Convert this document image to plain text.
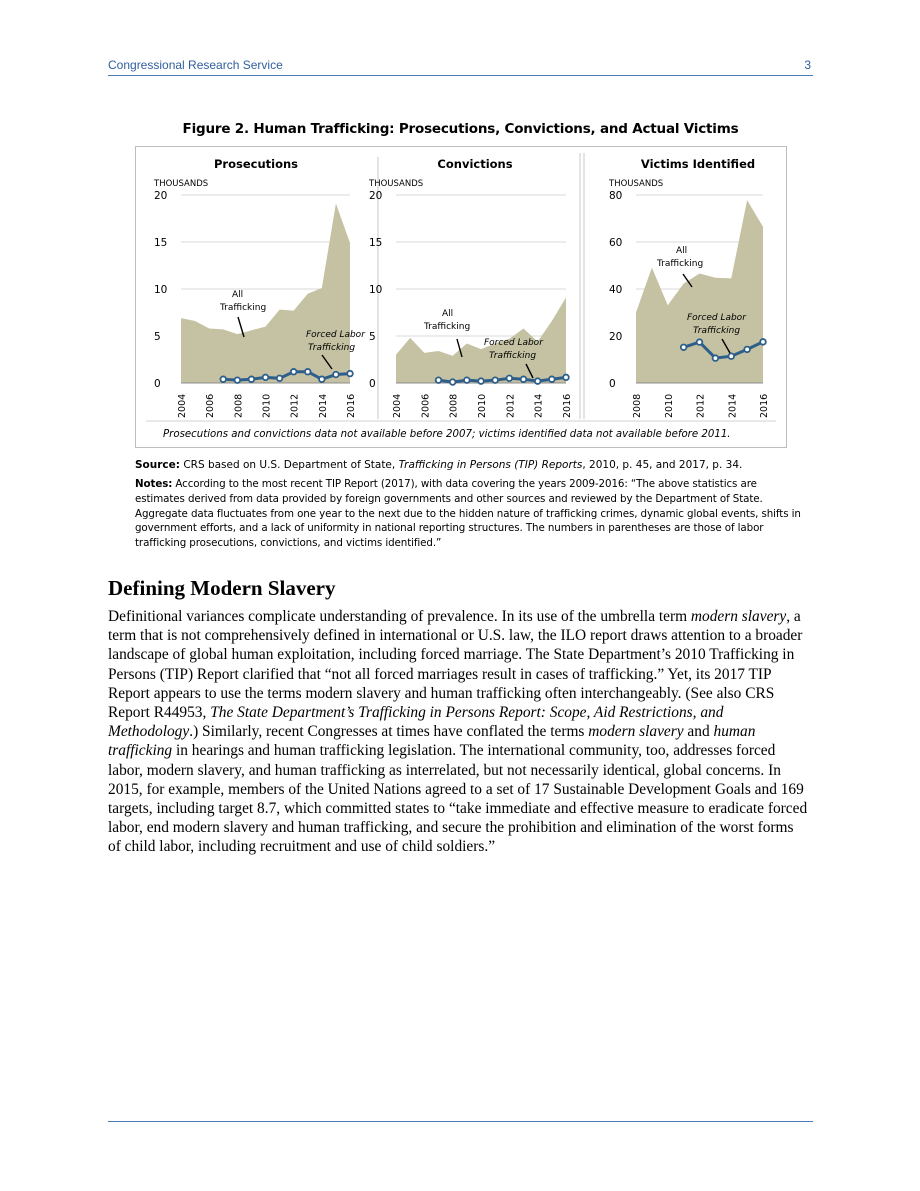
Congressional Research Service	3
Figure 2. Human Trafficking: Prosecutions, Convictions, and Actual Victims
Prosecutions
THOUSANDS
0
5
10
15
20
2004 2006 2008 2010 2012 2014 2016
All
Trafficking
Forced Labor
Trafficking
Convictions
THOUSANDS
0
5
10
15
20
2004 2006 2008 2010 2012 2014 2016
All
Trafficking
Forced Labor
Trafficking
Victims Identified
THOUSANDS
0
20
40
60
80
2008 2010 2012 2014 2016
All
Trafficking
Forced Labor
Trafficking
Prosecutions and convictions data not available before 2007; victims identified data not available before 2011.
Source: CRS based on U.S. Department of State, Trafficking in Persons (TIP) Reports, 2010, p. 45, and 2017, p. 34.
Notes: According to the most recent TIP Report (2017), with data covering the years 2009-2016: “The above statistics are estimates derived from data provided by foreign governments and other sources and reviewed by the Department of State. Aggregate data fluctuates from one year to the next due to the hidden nature of trafficking crimes, dynamic global events, shifts in government efforts, and a lack of uniformity in national reporting structures. The numbers in parentheses are those of labor trafficking prosecutions, convictions, and victims identified.”
Defining Modern Slavery
Definitional variances complicate understanding of prevalence. In its use of the umbrella term modern slavery, a term that is not comprehensively defined in international or U.S. law, the ILO report draws attention to a broader landscape of global human exploitation, including forced marriage. The State Department’s 2010 Trafficking in Persons (TIP) Report clarified that “not all forced marriages result in cases of trafficking.” Yet, its 2017 TIP Report appears to use the terms modern slavery and human trafficking often interchangeably. (See also CRS Report R44953, The State Department’s Trafficking in Persons Report: Scope, Aid Restrictions, and Methodology.) Similarly, recent Congresses at times have conflated the terms modern slavery and human trafficking in hearings and human trafficking legislation. The international community, too, addresses forced labor, modern slavery, and human trafficking as interrelated, but not necessarily identical, global concerns. In 2015, for example, members of the United Nations agreed to a set of 17 Sustainable Development Goals and 169 targets, including target 8.7, which committed states to “take immediate and effective measure to eradicate forced labor, end modern slavery and human trafficking, and secure the prohibition and elimination of the worst forms of child labor, including recruitment and use of child soldiers.”
